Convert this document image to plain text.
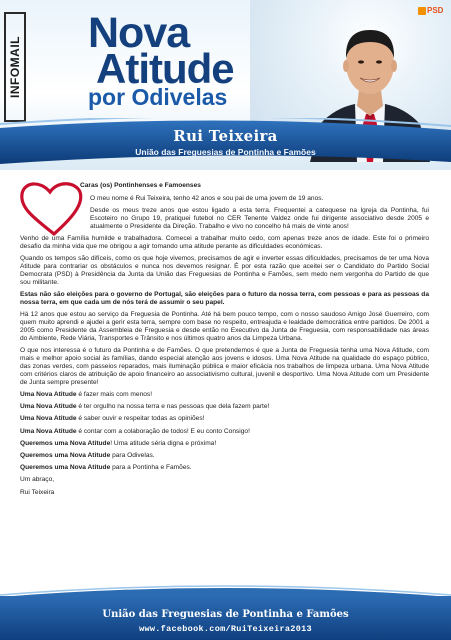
INFOMAIL
Nova
Atitude
por Odivelas
PSD
Rui Teixeira
União das Freguesias de Pontinha e Famões

Caras (os) Pontinhenses e Famoenses

O meu nome é Rui Teixeira, tenho 42 anos e sou pai de uma jovem de 19 anos.

Desde os meus treze anos que estou ligado a esta terra. Frequentei a catequese na Igreja da Pontinha, fui Escoteiro no Grupo 19, pratiquei futebol no CER Tenente Valdez onde fui dirigente associativo desde 2005 e atualmente o Presidente da Direção. Trabalho e vivo no concelho há mais de vinte anos!

Venho de uma Família humilde e trabalhadora. Comecei a trabalhar muito cedo, com apenas treze anos de idade. Este foi o primeiro desafio da minha vida que me obrigou a agir tomando uma atitude perante as dificuldades económicas.

Quando os tempos são difíceis, como os que hoje vivemos, precisamos de agir e inverter essas dificuldades, precisamos de ter uma Nova Atitude para contrariar os obstáculos e nunca nos devemos resignar. É por esta razão que aceitei ser o Candidato do Partido Social Democrata (PSD) à Presidência da Junta da União das Freguesias de Pontinha e Famões, sem medo nem vergonha do Partido de que sou militante.

Estas não são eleições para o governo de Portugal, são eleições para o futuro da nossa terra, com pessoas e para as pessoas da nossa terra, em que cada um de nós terá de assumir o seu papel.

Há 12 anos que estou ao serviço da Freguesia de Pontinha. Até há bem pouco tempo, com o nosso saudoso Amigo José Guerreiro, com quem muito aprendi e ajudei a gerir esta terra, sempre com base no respeito, entreajuda e lealdade democrática entre partidos. De 2001 a 2005 como Presidente da Assembleia de Freguesia e desde então no Executivo da Junta de Freguesia, com responsabilidade nas áreas do Ambiente, Rede Viária, Transportes e Trânsito e nos últimos quatro anos da Limpeza Urbana.

O que nos interessa é o futuro da Pontinha e de Famões. O que pretendemos é que a Junta de Freguesia tenha uma Nova Atitude, com mais e melhor apoio social às famílias, dando especial atenção aos jovens e idosos. Uma Nova Atitude na qualidade do espaço público, das zonas verdes, com passeios reparados, mais iluminação pública e maior eficácia nos trabalhos de limpeza urbana. Uma Nova Atitude com critérios claros de atribuição de apoio financeiro ao associativismo cultural, juvenil e desportivo. Uma Nova Atitude com um Presidente de Junta sempre presente!

Uma Nova Atitude é fazer mais com menos!

Uma Nova Atitude é ter orgulho na nossa terra e nas pessoas que dela fazem parte!

Uma Nova Atitude é saber ouvir e respeitar todas as opiniões!

Uma Nova Atitude é contar com a colaboração de todos! E eu conto Consigo!

Queremos uma Nova Atitude! Uma atitude séria digna e próxima!

Queremos uma Nova Atitude para Odivelas.

Queremos uma Nova Atitude para a Pontinha e Famões.

Um abraço,

Rui Teixeira

União das Freguesias de Pontinha e Famões
www.facebook.com/RuiTeixeira2013
